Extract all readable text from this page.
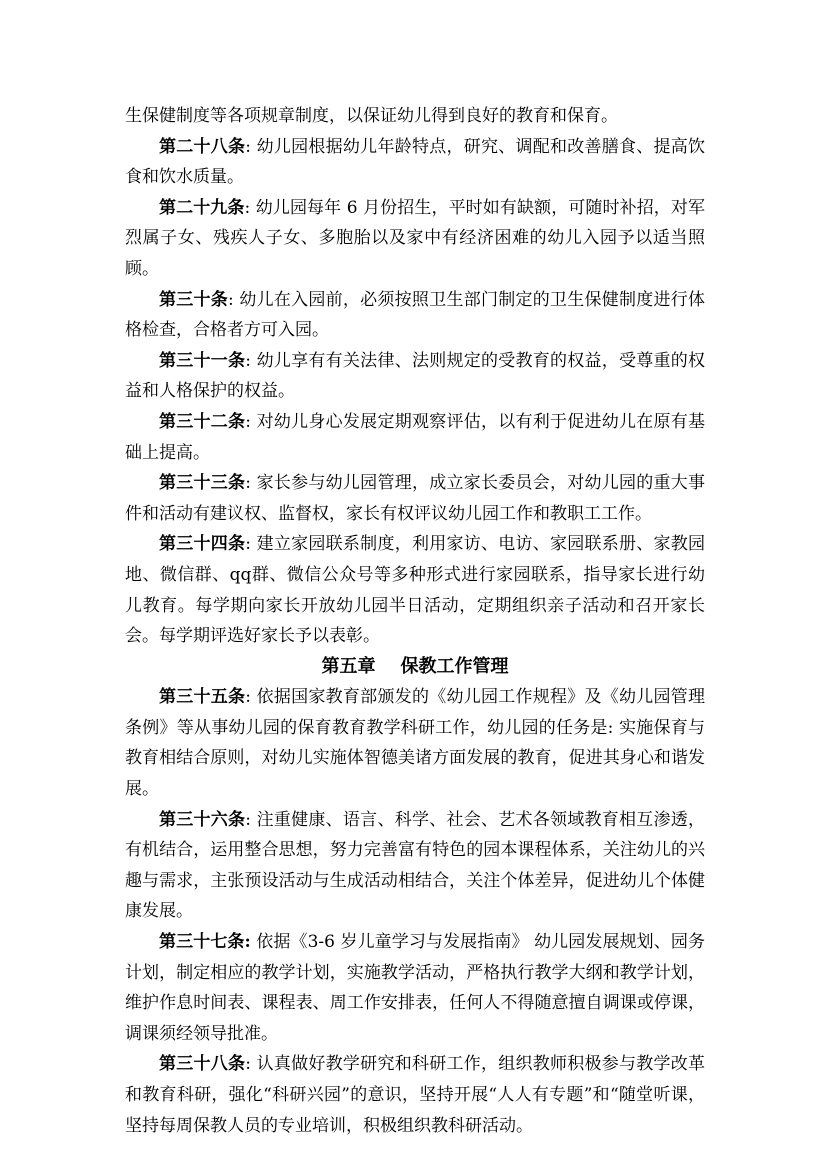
生保健制度等各项规章制度，以保证幼儿得到良好的教育和保育。

第二十八条: 幼儿园根据幼儿年龄特点，研究、调配和改善膳食、提高饮食和饮水质量。

第二十九条: 幼儿园每年 6 月份招生，平时如有缺额，可随时补招，对军烈属子女、残疾人子女、多胞胎以及家中有经济困难的幼儿入园予以适当照顾。

第三十条: 幼儿在入园前，必须按照卫生部门制定的卫生保健制度进行体格检查，合格者方可入园。

第三十一条: 幼儿享有有关法律、法则规定的受教育的权益，受尊重的权益和人格保护的权益。

第三十二条: 对幼儿身心发展定期观察评估，以有利于促进幼儿在原有基础上提高。

第三十三条: 家长参与幼儿园管理，成立家长委员会，对幼儿园的重大事件和活动有建议权、监督权，家长有权评议幼儿园工作和教职工工作。

第三十四条: 建立家园联系制度，利用家访、电访、家园联系册、家教园地、微信群、qq群、微信公众号等多种形式进行家园联系，指导家长进行幼儿教育。每学期向家长开放幼儿园半日活动，定期组织亲子活动和召开家长会。每学期评选好家长予以表彰。

第五章    保教工作管理

第三十五条: 依据国家教育部颁发的《幼儿园工作规程》及《幼儿园管理条例》等从事幼儿园的保育教育教学科研工作，幼儿园的任务是: 实施保育与教育相结合原则，对幼儿实施体智德美诸方面发展的教育，促进其身心和谐发展。

第三十六条: 注重健康、语言、科学、社会、艺术各领域教育相互渗透，有机结合，运用整合思想，努力完善富有特色的园本课程体系，关注幼儿的兴趣与需求，主张预设活动与生成活动相结合，关注个体差异，促进幼儿个体健康发展。

第三十七条: 依据《3-6 岁儿童学习与发展指南》 幼儿园发展规划、园务计划，制定相应的教学计划，实施教学活动，严格执行教学大纲和教学计划，维护作息时间表、课程表、周工作安排表，任何人不得随意擅自调课或停课，调课须经领导批准。

第三十八条: 认真做好教学研究和科研工作，组织教师积极参与教学改革和教育科研，强化“科研兴园”的意识，坚持开展“人人有专题”和“随堂听课，坚持每周保教人员的专业培训，积极组织教科研活动。
